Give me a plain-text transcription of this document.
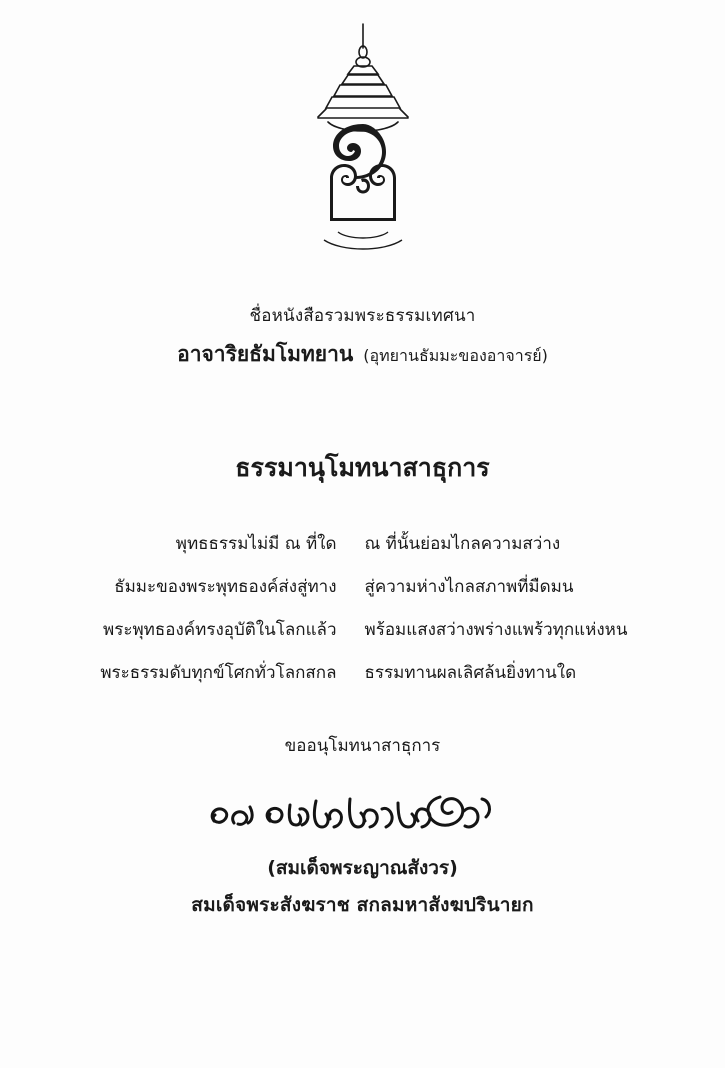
ชื่อหนังสือรวมพระธรรมเทศนา
อาจาริยธัมโมทยาน (อุทยานธัมมะของอาจารย์)
ธรรมานุโมทนาสาธุการ
พุทธธรรมไม่มี ณ ที่ใด	ณ ที่นั้นย่อมไกลความสว่าง
ธัมมะของพระพุทธองค์ส่งสู่ทาง	สู่ความห่างไกลสภาพที่มืดมน
พระพุทธองค์ทรงอุบัติในโลกแล้ว	พร้อมแสงสว่างพร่างแพร้วทุกแห่งหน
พระธรรมดับทุกข์โศกทั่วโลกสกล	ธรรมทานผลเลิศล้นยิ่งทานใด
ขออนุโมทนาสาธุการ
(สมเด็จพระญาณสังวร)
สมเด็จพระสังฆราช สกลมหาสังฆปรินายก
